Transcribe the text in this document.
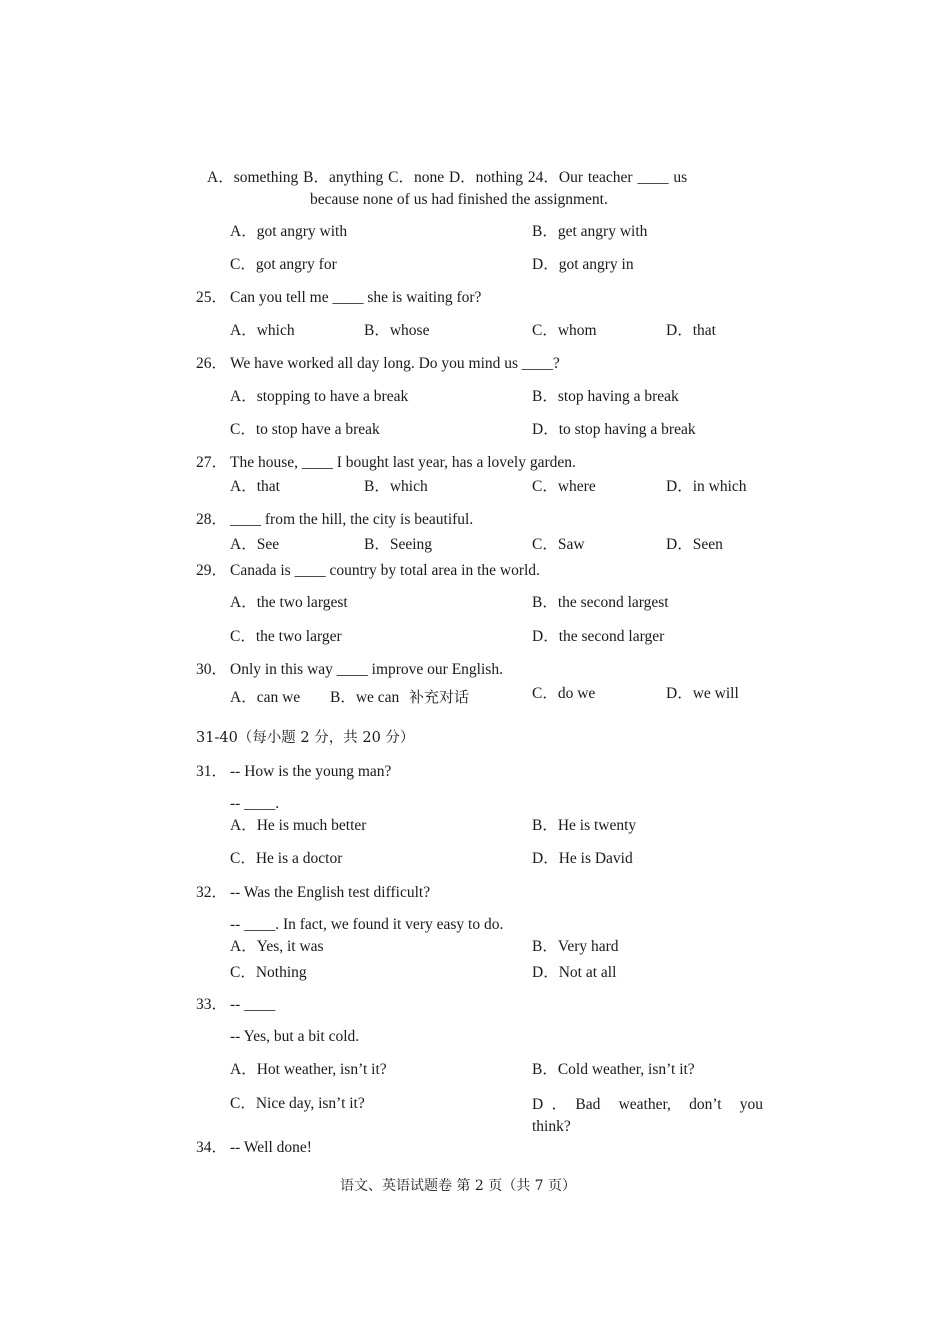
A．something B．anything C．none D．nothing 24．Our teacher ____ us
because none of us had finished the assignment.
A．got angry with	B．get angry with
C．got angry for	D．got angry in
25． Can you tell me ____ she is waiting for?
A．which	B．whose	C．whom	D．that
26． We have worked all day long. Do you mind us ____?
A．stopping to have a break	B．stop having a break
C．to stop have a break	D．to stop having a break
27． The house, ____ I bought last year, has a lovely garden.
A．that	B．which	C．where	D．in which
28． ____ from the hill, the city is beautiful.
A．See	B．Seeing	C．Saw	D．Seen
29． Canada is ____ country by total area in the world.
A．the two largest	B．the second largest
C．the two larger	D．the second larger
30． Only in this way ____ improve our English.
A．can we B．we can 补充对话	C．do we	D．we will
31-40（每小题 2 分，共 20 分）
31． -- How is the young man?
-- ____.
A．He is much better	B．He is twenty
C．He is a doctor	D．He is David
32． -- Was the English test difficult?
-- ____. In fact, we found it very easy to do.
A．Yes, it was	B．Very hard
C．Nothing	D．Not at all
33． -- ____
-- Yes, but a bit cold.
A．Hot weather, isn’t it?	B．Cold weather, isn’t it?
C．Nice day, isn’t it?	D．Bad weather, don’t you think?
34． -- Well done!
语文、英语试题卷 第 2 页（共 7 页）
